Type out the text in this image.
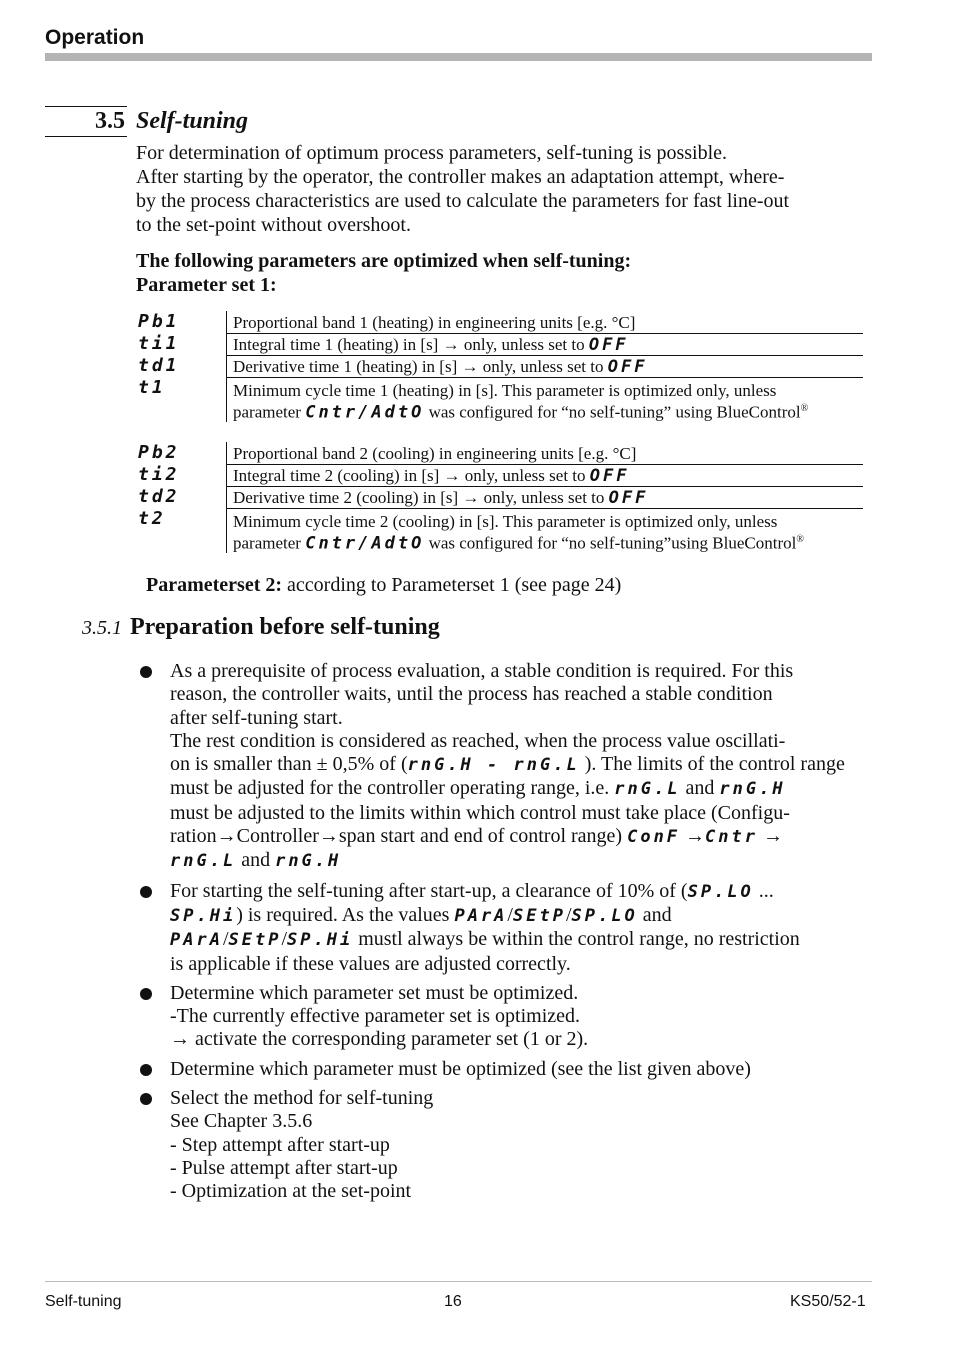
Operation
3.5 Self-tuning
For determination of optimum process parameters, self-tuning is possible.
After starting by the operator, the controller makes an adaptation attempt, where-
by the process characteristics are used to calculate the parameters for fast line-out
to the set-point without overshoot.
The following parameters are optimized when self-tuning:
Parameter set 1:
Pb1	Proportional band 1 (heating) in engineering units [e.g. °C]
ti1	Integral time 1 (heating) in [s] → only, unless set to OFF
td1	Derivative time 1 (heating) in [s] → only, unless set to OFF
t1	Minimum cycle time 1 (heating) in [s]. This parameter is optimized only, unless
parameter Cntr/AdtO was configured for “no self-tuning” using BlueControl®
Pb2	Proportional band 2 (cooling) in engineering units [e.g. °C]
ti2	Integral time 2 (cooling) in [s] → only, unless set to OFF
td2	Derivative time 2 (cooling) in [s] → only, unless set to OFF
t2	Minimum cycle time 2 (cooling) in [s]. This parameter is optimized only, unless
parameter Cntr/AdtO was configured for “no self-tuning”using BlueControl®
Parameterset 2: according to Parameterset 1 (see page 24)
3.5.1 Preparation before self-tuning
As a prerequisite of process evaluation, a stable condition is required. For this
reason, the controller waits, until the process has reached a stable condition
after self-tuning start.
The rest condition is considered as reached, when the process value oscillati-
on is smaller than ± 0,5% of (rnG.H - rnG.L ). The limits of the control range
must be adjusted for the controller operating range, i.e. rnG.L and rnG.H
must be adjusted to the limits within which control must take place (Configu-
ration→Controller→span start and end of control range) ConF →Cntr →
rnG.L and rnG.H
For starting the self-tuning after start-up, a clearance of 10% of (SP.LO ...
SP.Hi) is required. As the values PArA/SEtP/SP.LO and
PArA/SEtP/SP.Hi mustl always be within the control range, no restriction
is applicable if these values are adjusted correctly.
Determine which parameter set must be optimized.
-The currently effective parameter set is optimized.
→ activate the corresponding parameter set (1 or 2).
Determine which parameter must be optimized (see the list given above)
Select the method for self-tuning
See Chapter 3.5.6
- Step attempt after start-up
- Pulse attempt after start-up
- Optimization at the set-point
Self-tuning	16	KS50/52-1
